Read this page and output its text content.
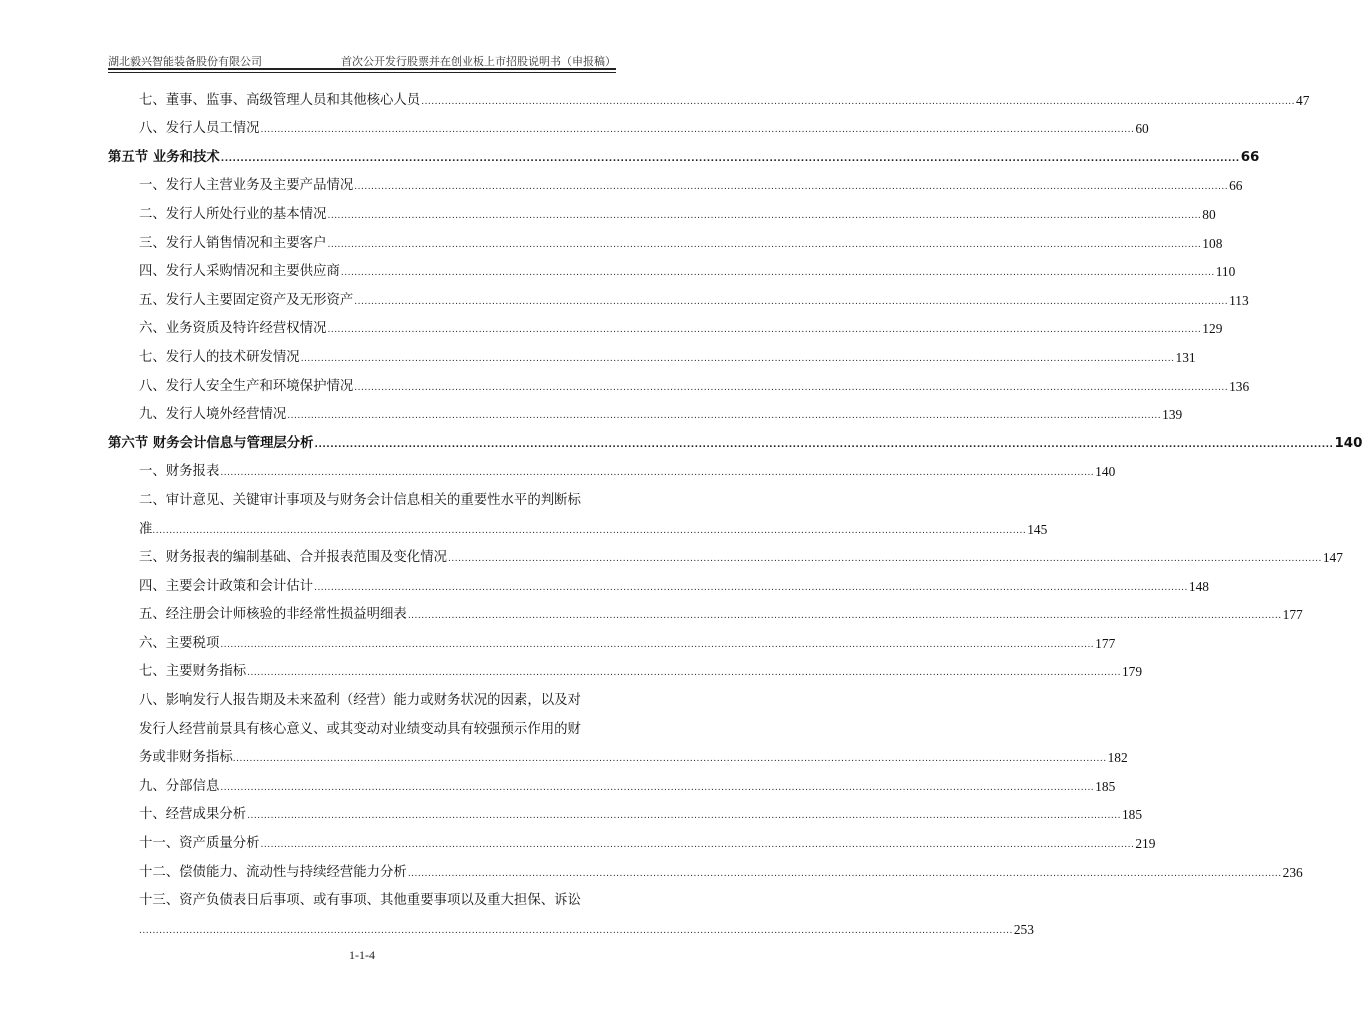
湖北毅兴智能装备股份有限公司	首次公开发行股票并在创业板上市招股说明书（申报稿）
七、董事、监事、高级管理人员和其他核心人员 .................................................................................................................................................................................................................................................................... 47
八、发行人员工情况 .................................................................................................................................................................................................................................................................... 60
第五节 业务和技术 .................................................................................................................................................................................................................................................................... 66
一、发行人主营业务及主要产品情况 .................................................................................................................................................................................................................................................................... 66
二、发行人所处行业的基本情况 .................................................................................................................................................................................................................................................................... 80
三、发行人销售情况和主要客户 .................................................................................................................................................................................................................................................................... 108
四、发行人采购情况和主要供应商 .................................................................................................................................................................................................................................................................... 110
五、发行人主要固定资产及无形资产 .................................................................................................................................................................................................................................................................... 113
六、业务资质及特许经营权情况 .................................................................................................................................................................................................................................................................... 129
七、发行人的技术研发情况 .................................................................................................................................................................................................................................................................... 131
八、发行人安全生产和环境保护情况 .................................................................................................................................................................................................................................................................... 136
九、发行人境外经营情况 .................................................................................................................................................................................................................................................................... 139
第六节 财务会计信息与管理层分析 .................................................................................................................................................................................................................................................................... 140
一、财务报表 .................................................................................................................................................................................................................................................................... 140
二、审计意见、关键审计事项及与财务会计信息相关的重要性水平的判断标
准 .................................................................................................................................................................................................................................................................... 145
三、财务报表的编制基础、合并报表范围及变化情况 .................................................................................................................................................................................................................................................................... 147
四、主要会计政策和会计估计 .................................................................................................................................................................................................................................................................... 148
五、经注册会计师核验的非经常性损益明细表 .................................................................................................................................................................................................................................................................... 177
六、主要税项 .................................................................................................................................................................................................................................................................... 177
七、主要财务指标 .................................................................................................................................................................................................................................................................... 179
八、影响发行人报告期及未来盈利（经营）能力或财务状况的因素，以及对
发行人经营前景具有核心意义、或其变动对业绩变动具有较强预示作用的财
务或非财务指标 .................................................................................................................................................................................................................................................................... 182
九、分部信息 .................................................................................................................................................................................................................................................................... 185
十、经营成果分析 .................................................................................................................................................................................................................................................................... 185
十一、资产质量分析 .................................................................................................................................................................................................................................................................... 219
十二、偿债能力、流动性与持续经营能力分析 .................................................................................................................................................................................................................................................................... 236
十三、资产负债表日后事项、或有事项、其他重要事项以及重大担保、诉讼
.................................................................................................................................................................................................................................................................... 253
1-1-4
